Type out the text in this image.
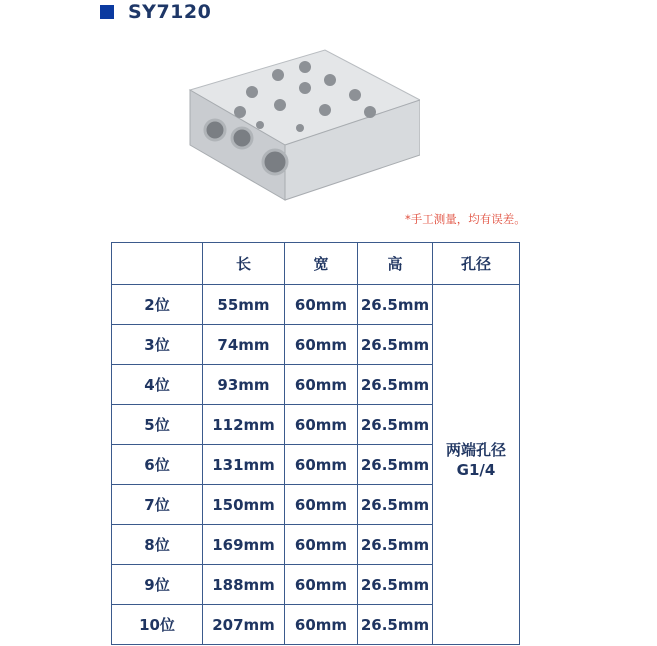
SY7120
*手工测量，均有误差。
	长	宽	高	孔径
2位	55mm	60mm	26.5mm	两端孔径
G1/4

3位	74mm	60mm	26.5mm	
4位	93mm	60mm	26.5mm	
5位	112mm	60mm	26.5mm	
6位	131mm	60mm	26.5mm	
7位	150mm	60mm	26.5mm	
8位	169mm	60mm	26.5mm	
9位	188mm	60mm	26.5mm	
10位	207mm	60mm	26.5mm	
